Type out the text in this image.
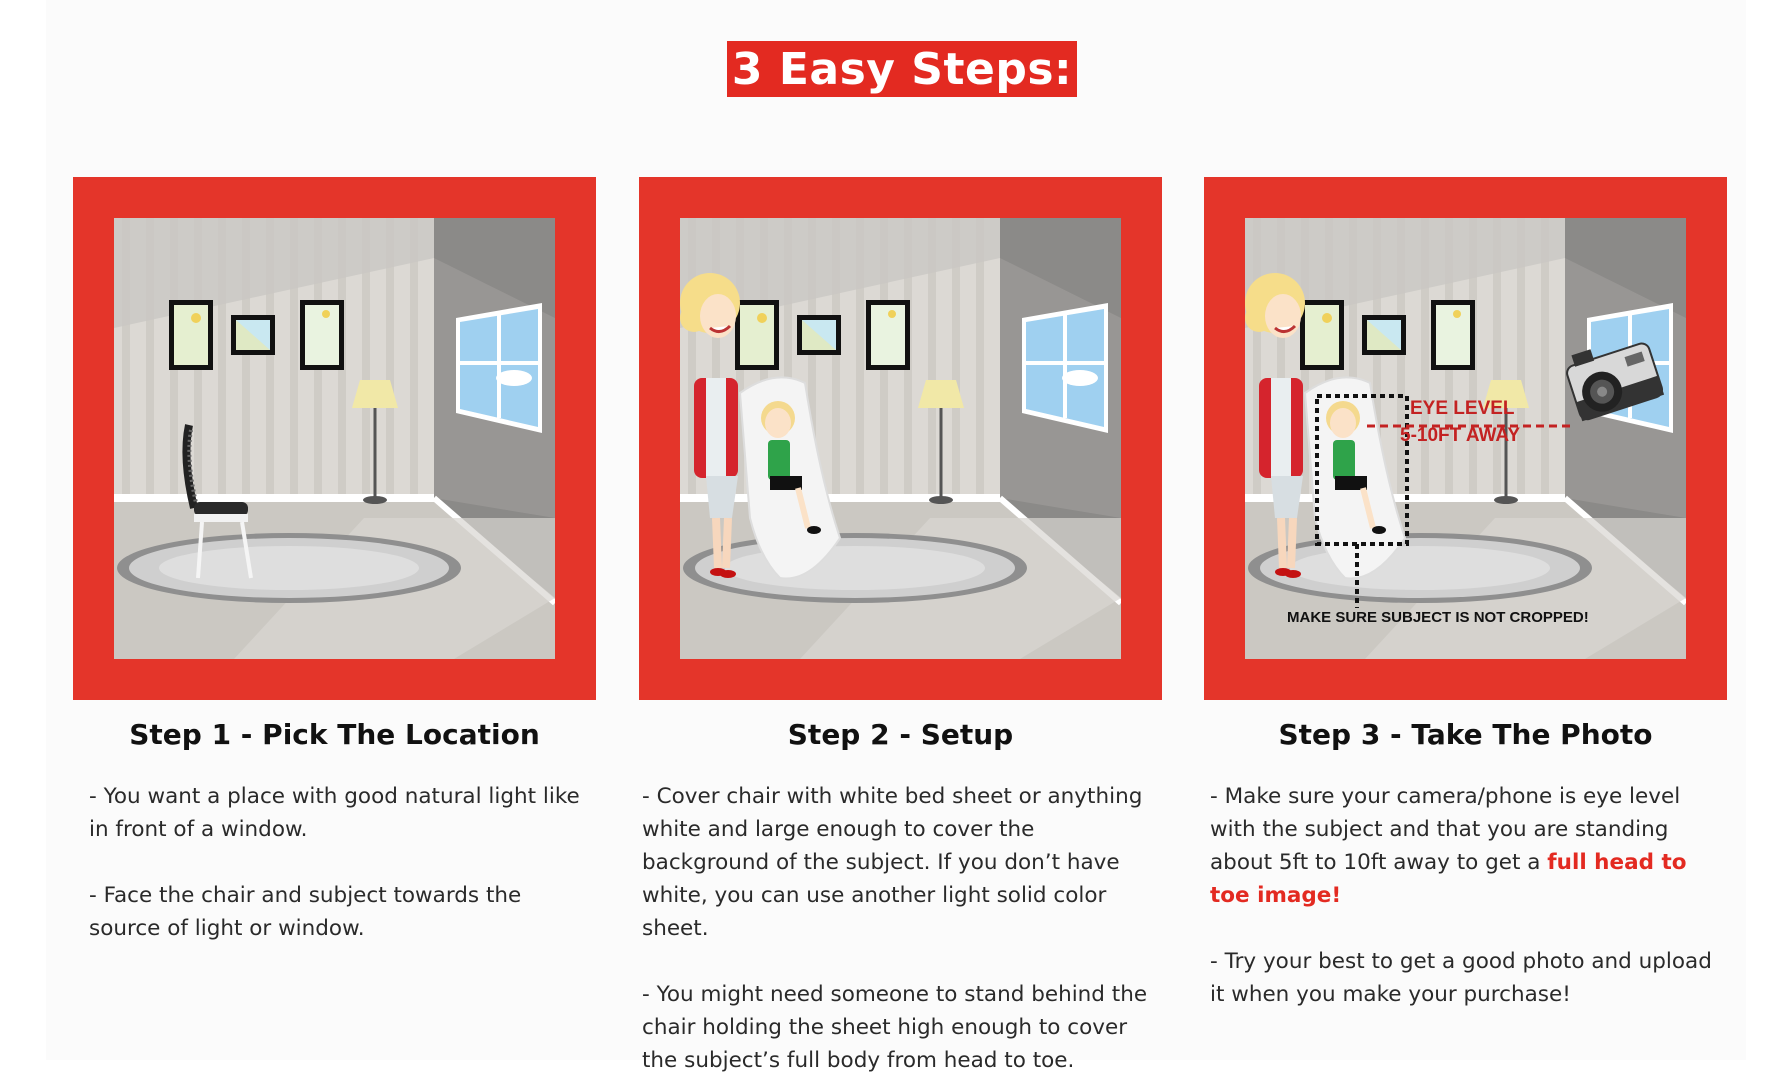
3 Easy Steps:
Step 1 - Pick The Location

- You want a place with good natural light like in front of a window.

- Face the chair and subject towards the source of light or window.

Step 2 - Setup

- Cover chair with white bed sheet or anything white and large enough to cover the background of the subject. If you don’t have white, you can use another light solid color sheet.

- You might need someone to stand behind the chair holding the sheet high enough to cover the subject’s full body from head to toe.

EYE LEVEL
5-10FT AWAY
MAKE SURE SUBJECT IS NOT CROPPED!
Step 3 - Take The Photo

- Make sure your camera/phone is eye level with the subject and that you are standing about 5ft to 10ft away to get a full head to toe image!

- Try your best to get a good photo and upload it when you make your purchase!
